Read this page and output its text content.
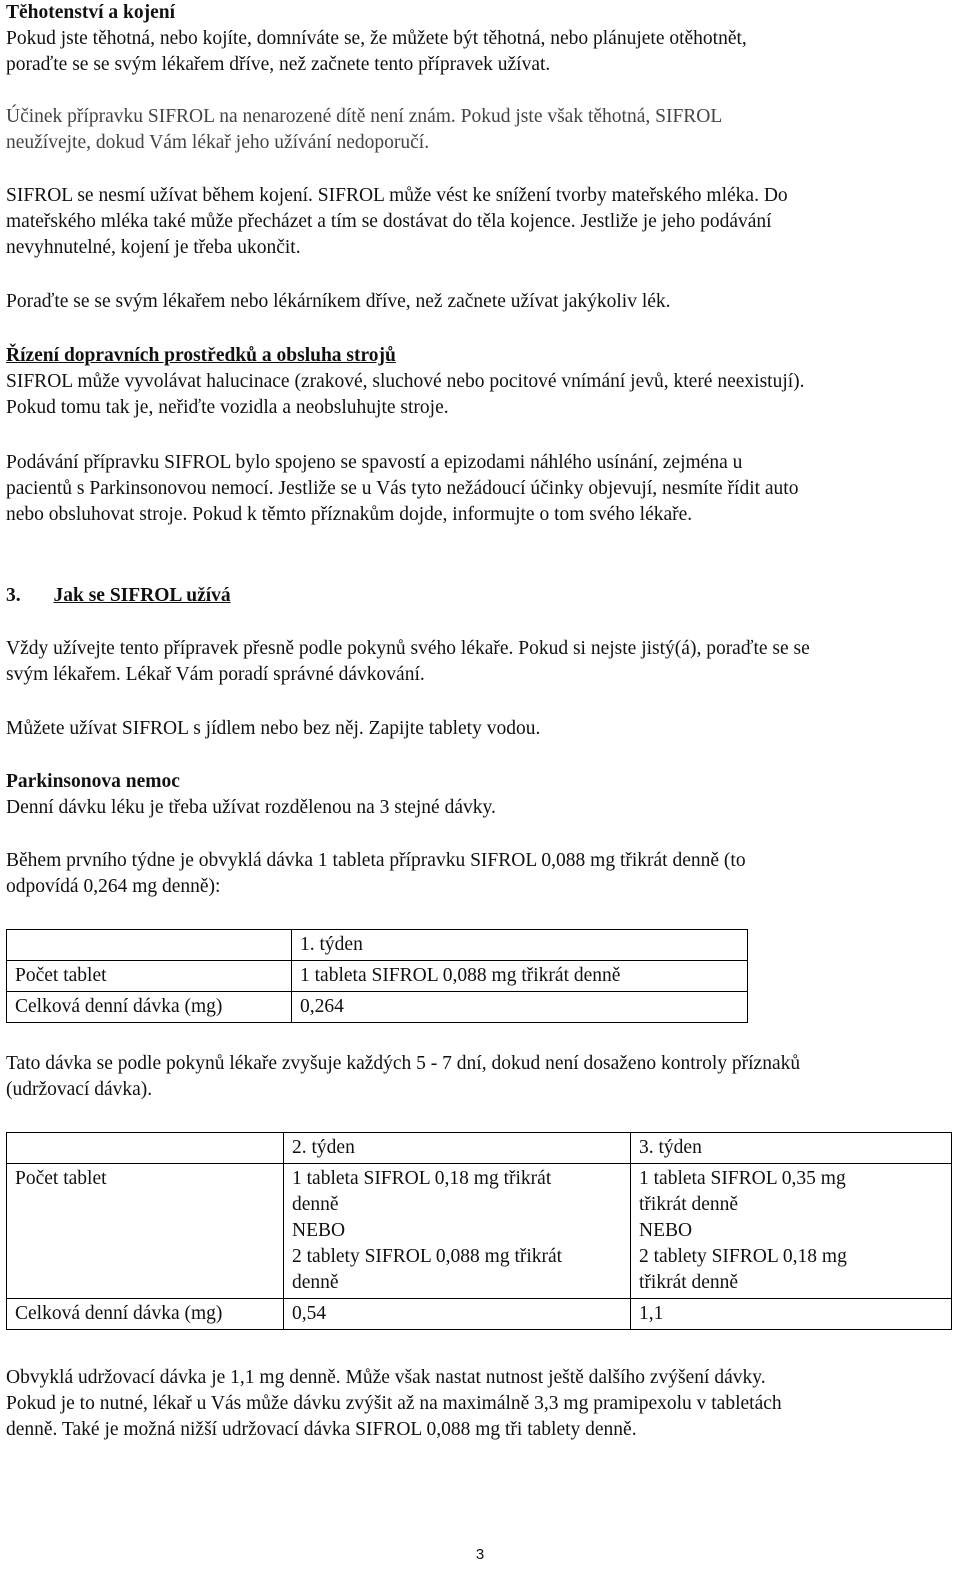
Těhotenství a kojení
Pokud jste těhotná, nebo kojíte, domníváte se, že můžete být těhotná, nebo plánujete otěhotnět,
poraďte se se svým lékařem dříve, než začnete tento přípravek užívat.
Účinek přípravku SIFROL na nenarozené dítě není znám. Pokud jste však těhotná, SIFROL
neužívejte, dokud Vám lékař jeho užívání nedoporučí.
SIFROL se nesmí užívat během kojení. SIFROL může vést ke snížení tvorby mateřského mléka. Do
mateřského mléka také může přecházet a tím se dostávat do těla kojence. Jestliže je jeho podávání
nevyhnutelné, kojení je třeba ukončit.
Poraďte se se svým lékařem nebo lékárníkem dříve, než začnete užívat jakýkoliv lék.
Řízení dopravních prostředků a obsluha strojů
SIFROL může vyvolávat halucinace (zrakové, sluchové nebo pocitové vnímání jevů, které neexistují).
Pokud tomu tak je, neřiďte vozidla a neobsluhujte stroje.
Podávání přípravku SIFROL bylo spojeno se spavostí a epizodami náhlého usínání, zejména u
pacientů s Parkinsonovou nemocí. Jestliže se u Vás tyto nežádoucí účinky objevují, nesmíte řídit auto
nebo obsluhovat stroje. Pokud k těmto příznakům dojde, informujte o tom svého lékaře.
3. Jak se SIFROL užívá
Vždy užívejte tento přípravek přesně podle pokynů svého lékaře. Pokud si nejste jistý(á), poraďte se se
svým lékařem. Lékař Vám poradí správné dávkování.
Můžete užívat SIFROL s jídlem nebo bez něj. Zapijte tablety vodou.
Parkinsonova nemoc
Denní dávku léku je třeba užívat rozdělenou na 3 stejné dávky.
Během prvního týdne je obvyklá dávka 1 tableta přípravku SIFROL 0,088 mg třikrát denně (to
odpovídá 0,264 mg denně):
	1. týden
Počet tablet	1 tableta SIFROL 0,088 mg třikrát denně
Celková denní dávka (mg)	0,264
Tato dávka se podle pokynů lékaře zvyšuje každých 5 - 7 dní, dokud není dosaženo kontroly příznaků
(udržovací dávka).
	2. týden	3. týden
Počet tablet	1 tableta SIFROL 0,18 mg třikrát
denně
NEBO
2 tablety SIFROL 0,088 mg třikrát
denně	1 tableta SIFROL 0,35 mg
třikrát denně
NEBO
2 tablety SIFROL 0,18 mg
třikrát denně

Celková denní dávka (mg)	0,54	1,1
Obvyklá udržovací dávka je 1,1 mg denně. Může však nastat nutnost ještě dalšího zvýšení dávky.
Pokud je to nutné, lékař u Vás může dávku zvýšit až na maximálně 3,3 mg pramipexolu v tabletách
denně. Také je možná nižší udržovací dávka SIFROL 0,088 mg tři tablety denně.
3
